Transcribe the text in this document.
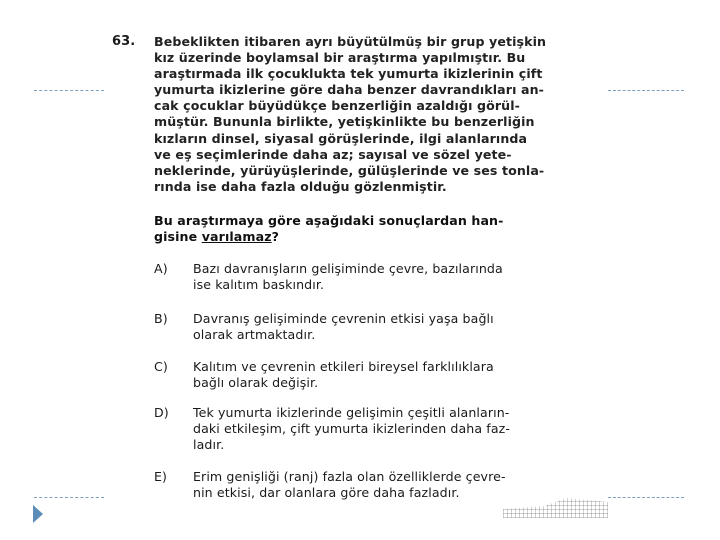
63. Bebeklikten itibaren ayrı büyütülmüş bir grup yetişkin
kız üzerinde boylamsal bir araştırma yapılmıştır. Bu
araştırmada ilk çocuklukta tek yumurta ikizlerinin çift
yumurta ikizlerine göre daha benzer davrandıkları an-
cak çocuklar büyüdükçe benzerliğin azaldığı görül-
müştür. Bununla birlikte, yetişkinlikte bu benzerliğin
kızların dinsel, siyasal görüşlerinde, ilgi alanlarında
ve eş seçimlerinde daha az; sayısal ve sözel yete-
neklerinde, yürüyüşlerinde, gülüşlerinde ve ses tonla-
rında ise daha fazla olduğu gözlenmiştir.
Bu araştırmaya göre aşağıdaki sonuçlardan han-
gisine varılamaz?
A) Bazı davranışların gelişiminde çevre, bazılarında
ise kalıtım baskındır.
B) Davranış gelişiminde çevrenin etkisi yaşa bağlı
olarak artmaktadır.
C) Kalıtım ve çevrenin etkileri bireysel farklılıklara
bağlı olarak değişir.
D) Tek yumurta ikizlerinde gelişimin çeşitli alanların-
daki etkileşim, çift yumurta ikizlerinden daha faz-
ladır.
E) Erim genişliği (ranj) fazla olan özelliklerde çevre-
nin etkisi, dar olanlara göre daha fazladır.
